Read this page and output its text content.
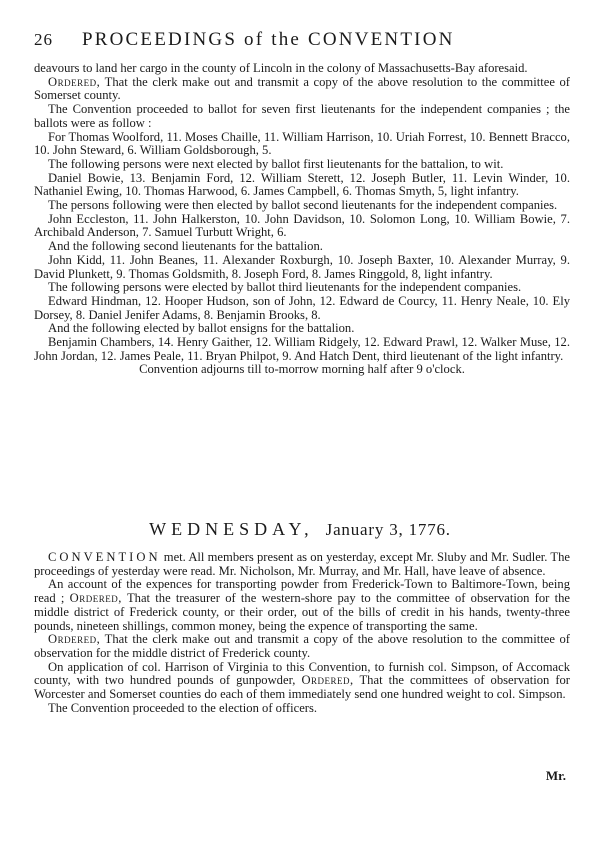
26 PROCEEDINGS of the CONVENTION

deavours to land her cargo in the county of Lincoln in the colony of Massachusetts-Bay aforesaid.

Ordered, That the clerk make out and transmit a copy of the above resolution to the committee of Somerset county.

The Convention proceeded to ballot for seven first lieutenants for the independent companies ; the ballots were as follow :

For Thomas Woolford, 11. Moses Chaille, 11. William Harrison, 10. Uriah Forrest, 10. Bennett Bracco, 10. John Steward, 6. William Goldsborough, 5.

The following persons were next elected by ballot first lieutenants for the battalion, to wit.

Daniel Bowie, 13. Benjamin Ford, 12. William Sterett, 12. Joseph Butler, 11. Levin Winder, 10. Nathaniel Ewing, 10. Thomas Harwood, 6. James Campbell, 6. Thomas Smyth, 5, light infantry.

The persons following were then elected by ballot second lieutenants for the independent companies.

John Eccleston, 11. John Halkerston, 10. John Davidson, 10. Solomon Long, 10. William Bowie, 7. Archibald Anderson, 7. Samuel Turbutt Wright, 6.

And the following second lieutenants for the battalion.

John Kidd, 11. John Beanes, 11. Alexander Roxburgh, 10. Joseph Baxter, 10. Alexander Murray, 9. David Plunkett, 9. Thomas Goldsmith, 8. Joseph Ford, 8. James Ringgold, 8, light infantry.

The following persons were elected by ballot third lieutenants for the independent companies.

Edward Hindman, 12. Hooper Hudson, son of John, 12. Edward de Courcy, 11. Henry Neale, 10. Ely Dorsey, 8. Daniel Jenifer Adams, 8. Benjamin Brooks, 8.

And the following elected by ballot ensigns for the battalion.

Benjamin Chambers, 14. Henry Gaither, 12. William Ridgely, 12. Edward Prawl, 12. Walker Muse, 12. John Jordan, 12. James Peale, 11. Bryan Philpot, 9. And Hatch Dent, third lieutenant of the light infantry.

Convention adjourns till to-morrow morning half after 9 o'clock.

WEDNESDAY, January 3, 1776.

CONVENTION met. All members present as on yesterday, except Mr. Sluby and Mr. Sudler. The proceedings of yesterday were read. Mr. Nicholson, Mr. Murray, and Mr. Hall, have leave of absence.

An account of the expences for transporting powder from Frederick-Town to Baltimore-Town, being read ; Ordered, That the treasurer of the western-shore pay to the committee of observation for the middle district of Frederick county, or their order, out of the bills of credit in his hands, twenty-three pounds, nineteen shillings, common money, being the expence of transporting the same.

Ordered, That the clerk make out and transmit a copy of the above resolution to the committee of observation for the middle district of Frederick county.

On application of col. Harrison of Virginia to this Convention, to furnish col. Simpson, of Accomack county, with two hundred pounds of gunpowder, Ordered, That the committees of observation for Worcester and Somerset counties do each of them immediately send one hundred weight to col. Simpson.

The Convention proceeded to the election of officers.

Mr.
